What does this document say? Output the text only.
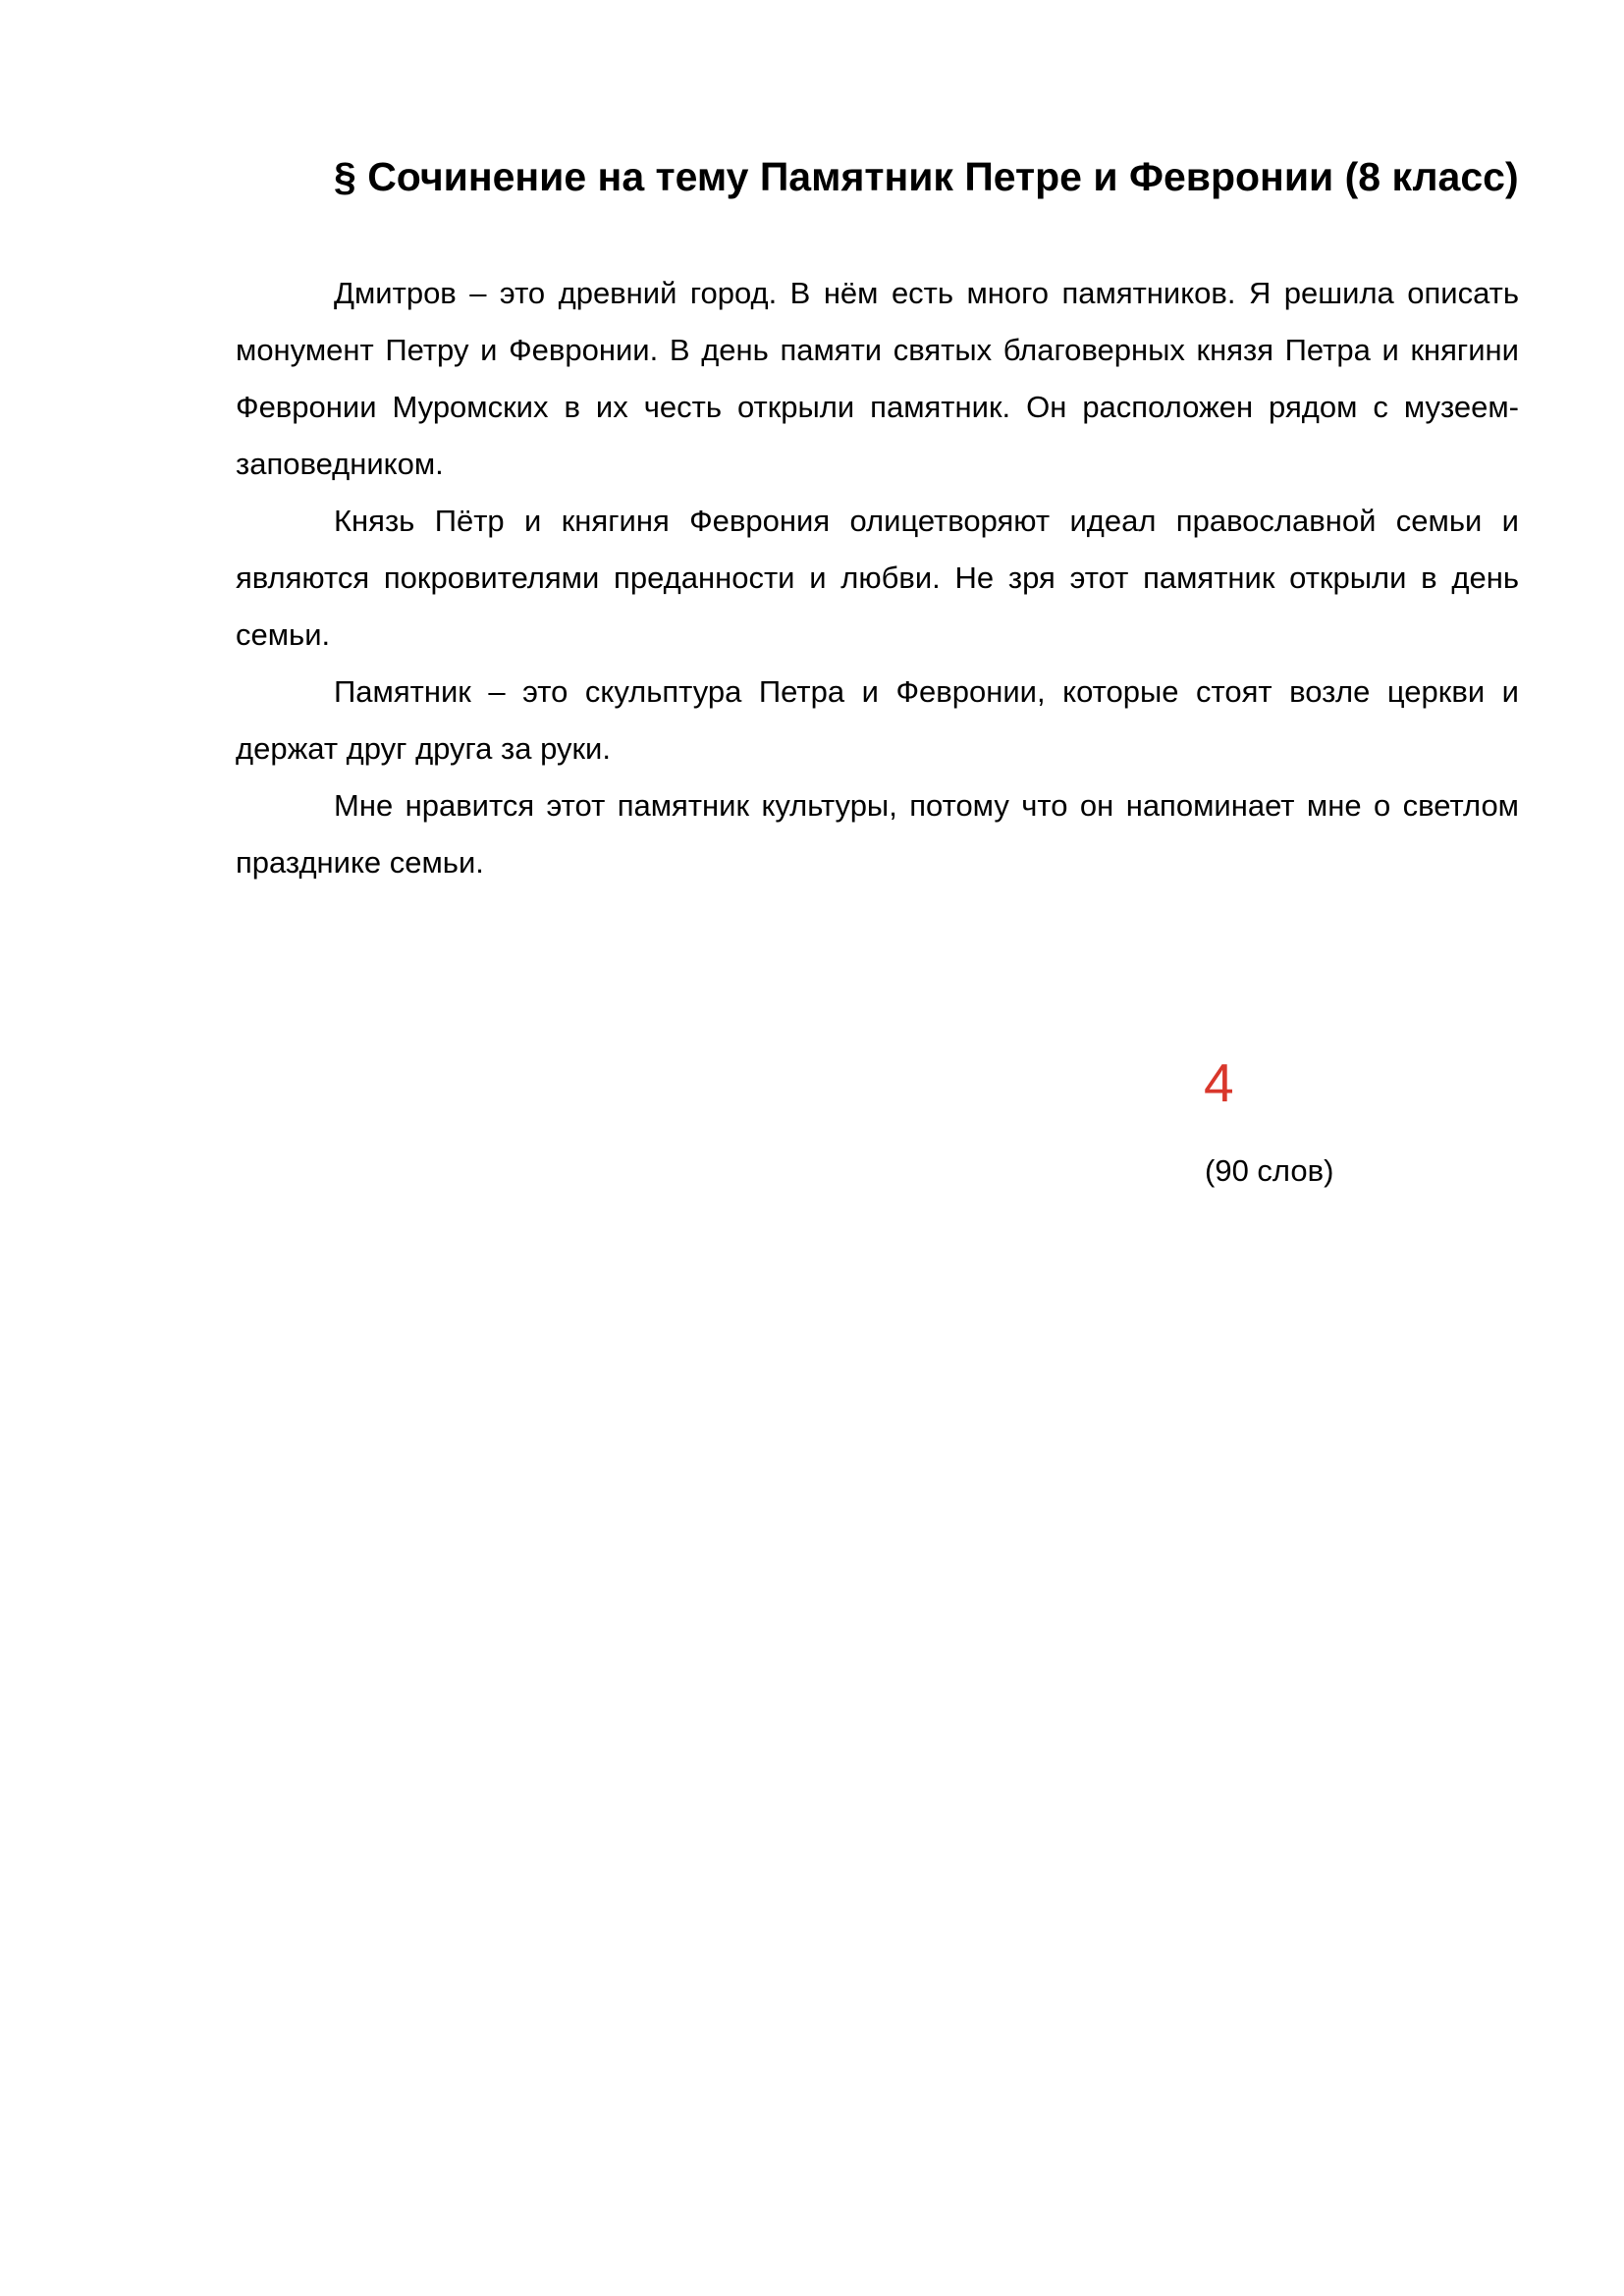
§ Сочинение на тему Памятник Петре и Февронии (8 класс)

Дмитров – это древний город. В нём есть много памятников. Я решила описать монумент Петру и Февронии. В день памяти святых благоверных князя Петра и княгини Февронии Муромских в их честь открыли памятник. Он расположен рядом с музеем-заповедником.

Князь Пётр и княгиня Феврония олицетворяют идеал православной семьи и являются покровителями преданности и любви. Не зря этот памятник открыли в день семьи.

Памятник – это скульптура Петра и Февронии, которые стоят возле церкви и держат друг друга за руки.

Мне нравится этот памятник культуры, потому что он напоминает мне о светлом празднике семьи.

4
(90 слов)
